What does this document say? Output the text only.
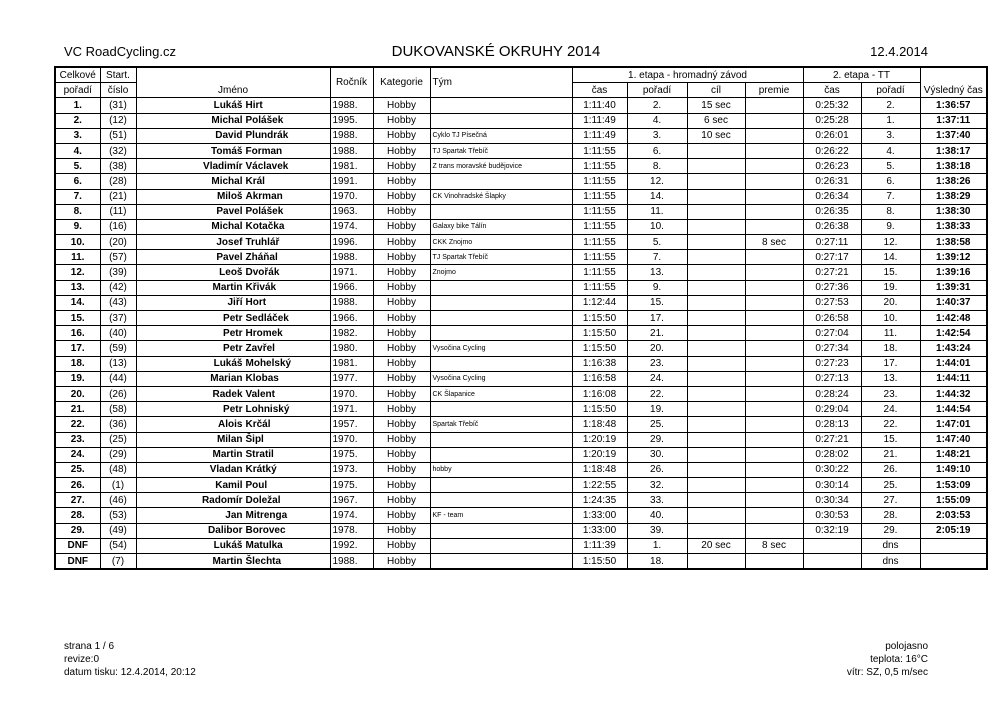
VC RoadCycling.cz	DUKOVANSKÉ OKRUHY 2014	12.4.2014
Celkové	Start.	Jméno	Ročník	Kategorie	Tým	1. etapa - hromadný závod				2. etapa - TT		Výsledný čas
pořadí	číslo					čas	pořadí	cíl	premie	čas	pořadí	
1.	(31)	Lukáš Hirt	1988.	Hobby		1:11:40	2.	15 sec		0:25:32	2.	1:36:57
2.	(12)	Michal Polášek	1995.	Hobby		1:11:49	4.	6 sec		0:25:28	1.	1:37:11
3.	(51)	David Plundrák	1988.	Hobby	Cyklo TJ Písečná	1:11:49	3.	10 sec		0:26:01	3.	1:37:40
4.	(32)	Tomáš Forman	1988.	Hobby	TJ Spartak Třebíč	1:11:55	6.			0:26:22	4.	1:38:17
5.	(38)	Vladimír Václavek	1981.	Hobby	Z trans moravské budějovice	1:11:55	8.			0:26:23	5.	1:38:18
6.	(28)	Michal Král	1991.	Hobby		1:11:55	12.			0:26:31	6.	1:38:26
7.	(21)	Miloš Akrman	1970.	Hobby	CK Vinohradské Šlapky	1:11:55	14.			0:26:34	7.	1:38:29
8.	(11)	Pavel Polášek	1963.	Hobby		1:11:55	11.			0:26:35	8.	1:38:30
9.	(16)	Michal Kotačka	1974.	Hobby	Galaxy bike Tálín	1:11:55	10.			0:26:38	9.	1:38:33
10.	(20)	Josef Truhlář	1996.	Hobby	CKK Znojmo	1:11:55	5.		8 sec	0:27:11	12.	1:38:58
11.	(57)	Pavel Zháňal	1988.	Hobby	TJ Spartak Třebíč	1:11:55	7.			0:27:17	14.	1:39:12
12.	(39)	Leoš Dvořák	1971.	Hobby	Znojmo	1:11:55	13.			0:27:21	15.	1:39:16
13.	(42)	Martin Křivák	1966.	Hobby		1:11:55	9.			0:27:36	19.	1:39:31
14.	(43)	Jiří Hort	1988.	Hobby		1:12:44	15.			0:27:53	20.	1:40:37
15.	(37)	Petr Sedláček	1966.	Hobby		1:15:50	17.			0:26:58	10.	1:42:48
16.	(40)	Petr Hromek	1982.	Hobby		1:15:50	21.			0:27:04	11.	1:42:54
17.	(59)	Petr Zavřel	1980.	Hobby	Vysočina Cycling	1:15:50	20.			0:27:34	18.	1:43:24
18.	(13)	Lukáš Mohelský	1981.	Hobby		1:16:38	23.			0:27:23	17.	1:44:01
19.	(44)	Marian Klobas	1977.	Hobby	Vysočina Cycling	1:16:58	24.			0:27:13	13.	1:44:11
20.	(26)	Radek Valent	1970.	Hobby	CK Šlapanice	1:16:08	22.			0:28:24	23.	1:44:32
21.	(58)	Petr Lohniský	1971.	Hobby		1:15:50	19.			0:29:04	24.	1:44:54
22.	(36)	Alois Krčál	1957.	Hobby	Spartak Třebíč	1:18:48	25.			0:28:13	22.	1:47:01
23.	(25)	Milan Šipl	1970.	Hobby		1:20:19	29.			0:27:21	15.	1:47:40
24.	(29)	Martin Stratil	1975.	Hobby		1:20:19	30.			0:28:02	21.	1:48:21
25.	(48)	Vladan Krátký	1973.	Hobby	hobby	1:18:48	26.			0:30:22	26.	1:49:10
26.	(1)	Kamil Poul	1975.	Hobby		1:22:55	32.			0:30:14	25.	1:53:09
27.	(46)	Radomír Doležal	1967.	Hobby		1:24:35	33.			0:30:34	27.	1:55:09
28.	(53)	Jan Mitrenga	1974.	Hobby	KF - team	1:33:00	40.			0:30:53	28.	2:03:53
29.	(49)	Dalibor Borovec	1978.	Hobby		1:33:00	39.			0:32:19	29.	2:05:19
DNF	(54)	Lukáš Matulka	1992.	Hobby		1:11:39	1.	20 sec	8 sec		dns	
DNF	(7)	Martin Šlechta	1988.	Hobby		1:15:50	18.				dns	
strana 1 / 6
revize:0
datum tisku: 12.4.2014, 20:12
polojasno
teplota: 16°C
vítr: SZ, 0,5 m/sec
